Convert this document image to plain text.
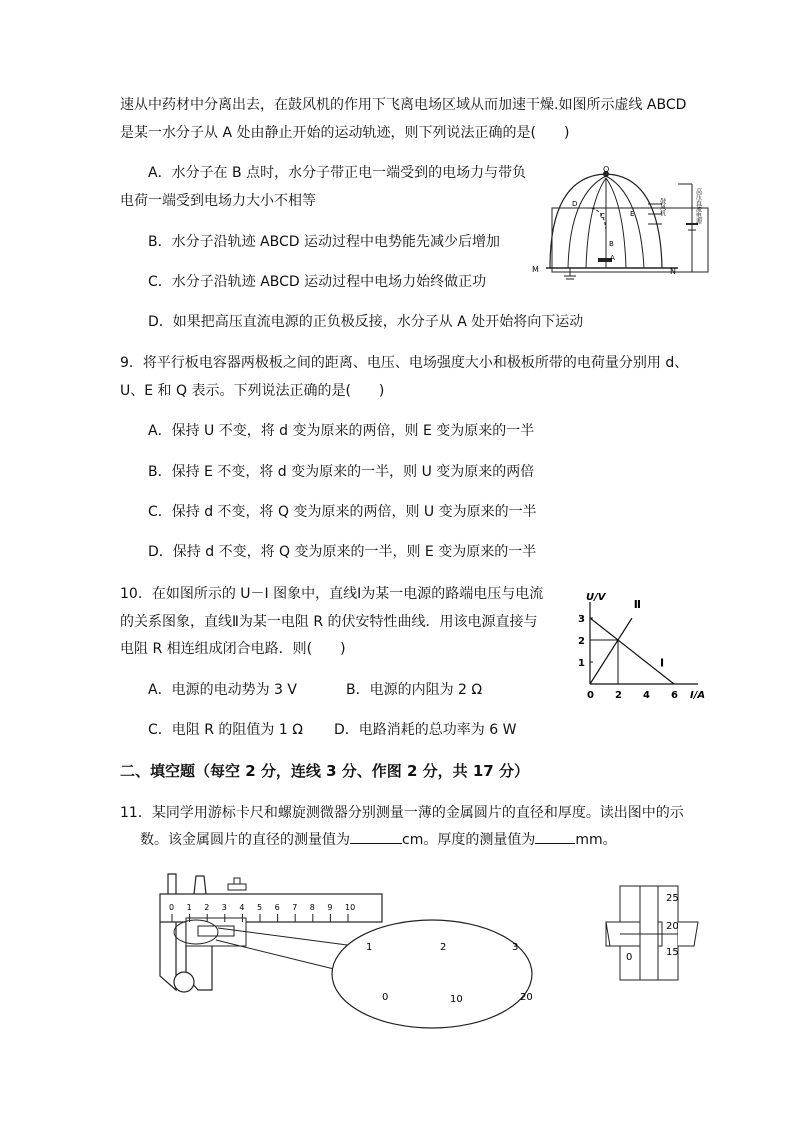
速从中药材中分离出去，在鼓风机的作用下飞离电场区域从而加速干燥.如图所示虚线 ABCD
是某一水分子从 A 处由静止开始的运动轨迹，则下列说法正确的是(　　)
A．水分子在 B 点时，水分子带正电一端受到的电场力与带负
电荷一端受到电场力大小不相等
B．水分子沿轨迹 ABCD 运动过程中电势能先减少后增加
C．水分子沿轨迹 ABCD 运动过程中电场力始终做正功
D．如果把高压直流电源的正负极反接，水分子从 A 处开始将向下运动
O
M	N
A
B
C
D
E	鼓风机	高压直流电源
9．将平行板电容器两极板之间的距离、电压、电场强度大小和极板所带的电荷量分别用 d、
U、E 和 Q 表示。下列说法正确的是(　　)
A．保持 U 不变，将 d 变为原来的两倍，则 E 变为原来的一半
B．保持 E 不变，将 d 变为原来的一半，则 U 变为原来的两倍
C．保持 d 不变，将 Q 变为原来的两倍，则 U 变为原来的一半
D．保持 d 不变，将 Q 变为原来的一半，则 E 变为原来的一半
10．在如图所示的 U－I 图象中，直线Ⅰ为某一电源的路端电压与电流
的关系图象，直线Ⅱ为某一电阻 R 的伏安特性曲线．用该电源直接与
电阻 R 相连组成闭合电路．则(　　)
A．电源的电动势为 3 V	B．电源的内阻为 2 Ω
C．电阻 R 的阻值为 1 Ω D．电路消耗的总功率为 6 W
I/A
U/V
0 2 4 6
1
2
3
Ⅰ
Ⅱ
二、填空题（每空 2 分，连线 3 分、作图 2 分，共 17 分）
11．某同学用游标卡尺和螺旋测微器分别测量一薄的金属圆片的直径和厚度。读出图中的示
数。该金属圆片的直径的测量值为	cm。厚度的测量值为	mm。
0 1 2 3 4 5 6 7 8 9 10
1	2	3
0	10	20
0
25
20
15
